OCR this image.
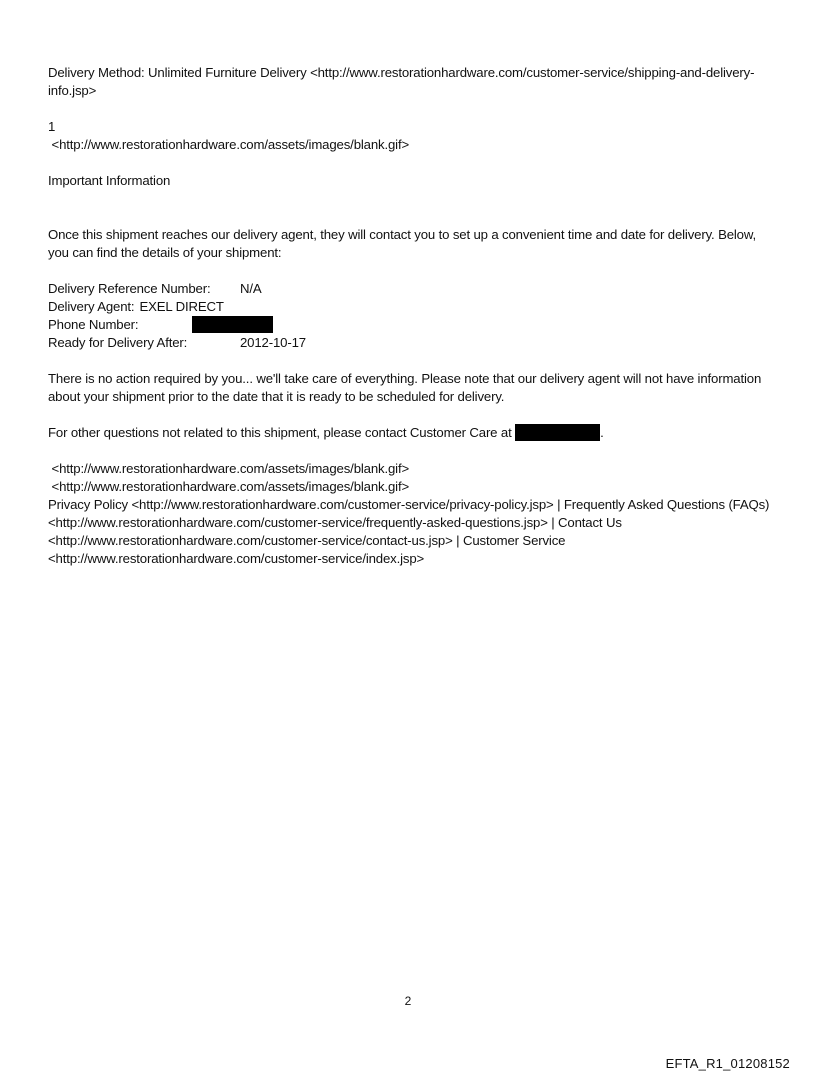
Delivery Method: Unlimited Furniture Delivery <http://www.restorationhardware.com/customer-service/shipping-and-delivery-info.jsp>

1

<http://www.restorationhardware.com/assets/images/blank.gif>

Important Information

Once this shipment reaches our delivery agent, they will contact you to set up a convenient time and date for delivery. Below, you can find the details of your shipment:

Delivery Reference Number:	N/A
Delivery Agent: EXEL DIRECT
Phone Number:
Ready for Delivery After:	2012-10-17

There is no action required by you... we'll take care of everything. Please note that our delivery agent will not have information about your shipment prior to the date that it is ready to be scheduled for delivery.

For other questions not related to this shipment, please contact Customer Care at	.

<http://www.restorationhardware.com/assets/images/blank.gif>

<http://www.restorationhardware.com/assets/images/blank.gif>

Privacy Policy <http://www.restorationhardware.com/customer-service/privacy-policy.jsp> | Frequently Asked Questions (FAQs) <http://www.restorationhardware.com/customer-service/frequently-asked-questions.jsp> | Contact Us <http://www.restorationhardware.com/customer-service/contact-us.jsp> | Customer Service <http://www.restorationhardware.com/customer-service/index.jsp>

2
EFTA_R1_01208152
